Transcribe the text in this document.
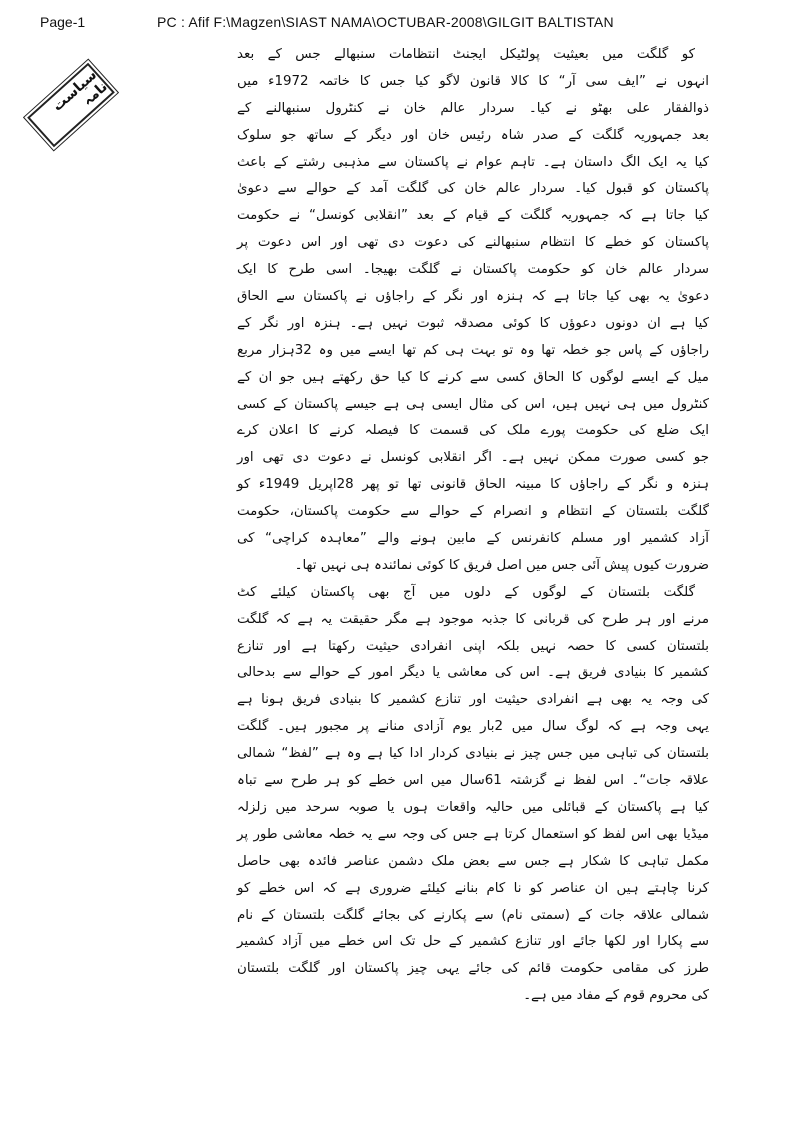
Page-1	PC : Afif F:\Magzen\SIAST NAMA\OCTUBAR-2008\GILGIT BALTISTAN
سیاست نامہ
کو گلگت میں بعیثیت پولٹیکل ایجنٹ انتظامات سنبھالے جس کے بعد
انہوں نے ”ایف سی آر“ کا کالا قانون لاگو کیا جس کا خاتمہ 1972ء میں
ذوالفقار علی بھٹو نے کیا۔ سردار عالم خان نے کنٹرول سنبھالنے کے
بعد جمہوریہ گلگت کے صدر شاہ رئیس خان اور دیگر کے ساتھ جو سلوک
کیا یہ ایک الگ داستان ہے۔ تاہم عوام نے پاکستان سے مذہبی رشتے کے باعث
پاکستان کو قبول کیا۔ سردار عالم خان کی گلگت آمد کے حوالے سے دعویٰ
کیا جاتا ہے کہ جمہوریہ گلگت کے قیام کے بعد ”انقلابی کونسل“ نے حکومت
پاکستان کو خطے کا انتظام سنبھالنے کی دعوت دی تھی اور اس دعوت پر
سردار عالم خان کو حکومت پاکستان نے گلگت بھیجا۔ اسی طرح کا ایک
دعویٰ یہ بھی کیا جاتا ہے کہ ہنزہ اور نگر کے راجاؤں نے پاکستان سے الحاق
کیا ہے ان دونوں دعوؤں کا کوئی مصدقہ ثبوت نہیں ہے۔ ہنزہ اور نگر کے
راجاؤں کے پاس جو خطہ تھا وہ تو بہت ہی کم تھا ایسے میں وہ 32ہزار مربع
میل کے ایسے لوگوں کا الحاق کسی سے کرنے کا کیا حق رکھتے ہیں جو ان کے
کنٹرول میں ہی نہیں ہیں، اس کی مثال ایسی ہی ہے جیسے پاکستان کے کسی
ایک ضلع کی حکومت پورے ملک کی قسمت کا فیصلہ کرنے کا اعلان کرے
جو کسی صورت ممکن نہیں ہے۔ اگر انقلابی کونسل نے دعوت دی تھی اور
ہنزہ و نگر کے راجاؤں کا مبینہ الحاق قانونی تھا تو پھر 28اپریل 1949ء کو
گلگت بلتستان کے انتظام و انصرام کے حوالے سے حکومت پاکستان، حکومت
آزاد کشمیر اور مسلم کانفرنس کے مابین ہونے والے ”معاہدہ کراچی“ کی
ضرورت کیوں پیش آئی جس میں اصل فریق کا کوئی نمائندہ ہی نہیں تھا۔
گلگت بلتستان کے لوگوں کے دلوں میں آج بھی پاکستان کیلئے کٹ
مرنے اور ہر طرح کی قربانی کا جذبہ موجود ہے مگر حقیقت یہ ہے کہ گلگت
بلتستان کسی کا حصہ نہیں بلکہ اپنی انفرادی حیثیت رکھتا ہے اور تنازع
کشمیر کا بنیادی فریق ہے۔ اس کی معاشی یا دیگر امور کے حوالے سے بدحالی
کی وجہ یہ بھی ہے انفرادی حیثیت اور تنازع کشمیر کا بنیادی فریق ہونا ہے
یہی وجہ ہے کہ لوگ سال میں 2بار یوم آزادی منانے پر مجبور ہیں۔ گلگت
بلتستان کی تباہی میں جس چیز نے بنیادی کردار ادا کیا ہے وہ ہے ”لفظ“ شمالی
علاقہ جات“۔ اس لفظ نے گزشتہ 61سال میں اس خطے کو ہر طرح سے تباہ
کیا ہے پاکستان کے قبائلی میں حالیہ واقعات ہوں یا صوبہ سرحد میں زلزلہ
میڈیا بھی اس لفظ کو استعمال کرتا ہے جس کی وجہ سے یہ خطہ معاشی طور پر
مکمل تباہی کا شکار ہے جس سے بعض ملک دشمن عناصر فائدہ بھی حاصل
کرنا چاہتے ہیں ان عناصر کو نا کام بنانے کیلئے ضروری ہے کہ اس خطے کو
شمالی علاقہ جات کے (سمتی نام) سے پکارنے کی بجائے گلگت بلتستان کے نام
سے پکارا اور لکھا جائے اور تنازع کشمیر کے حل تک اس خطے میں آزاد کشمیر
طرز کی مقامی حکومت قائم کی جائے یہی چیز پاکستان اور گلگت بلتستان
کی محروم قوم کے مفاد میں ہے۔
